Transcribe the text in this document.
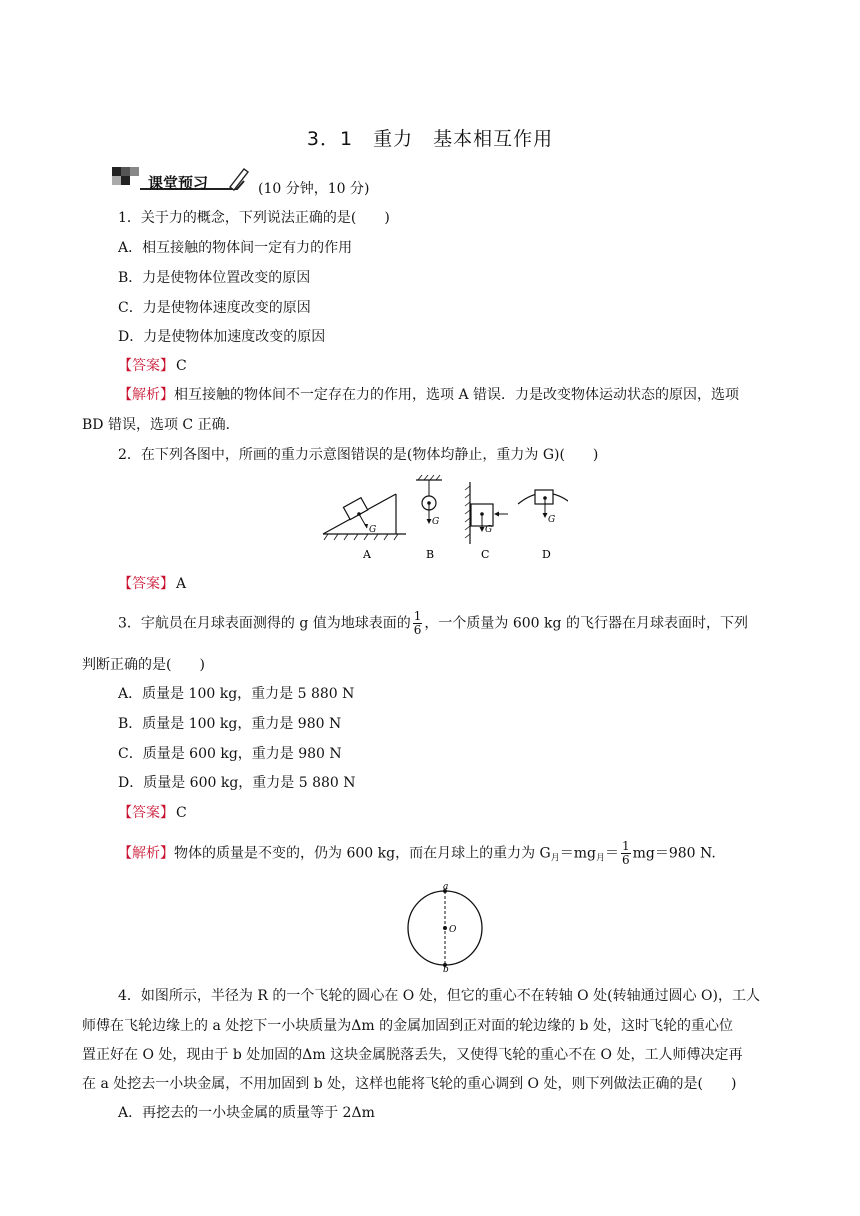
3．1　重力　基本相互作用
课堂预习	(10 分钟，10 分)
1．关于力的概念，下列说法正确的是(　　)
A．相互接触的物体间一定有力的作用
B．力是使物体位置改变的原因
C．力是使物体速度改变的原因
D．力是使物体加速度改变的原因
【答案】 C
【解析】相互接触的物体间不一定存在力的作用，选项 A 错误．力是改变物体运动状态的原因，选项
BD 错误，选项 C 正确．
2．在下列各图中，所画的重力示意图错误的是(物体均静止，重力为 G)(　　)
G
A
G
B
G
C
G
D
【答案】 A
3．宇航员在月球表面测得的 g 值为地球表面的 $\frac{1}{6}$ ，一个质量为 600 kg 的飞行器在月球表面时，下列
判断正确的是(　　)
A．质量是 100 kg，重力是 5 880 N
B．质量是 100 kg，重力是 980 N
C．质量是 600 kg，重力是 980 N
D．质量是 600 kg，重力是 5 880 N
【答案】 C
【解析】物体的质量是不变的，仍为 600 kg，而在月球上的重力为 $G_月=mg_月= \frac{1}{6} mg=980$ N.
a
O
b
4．如图所示，半径为 R 的一个飞轮的圆心在 O 处，但它的重心不在转轴 O 处(转轴通过圆心 O)，工人
师傅在飞轮边缘上的 a 处挖下一小块质量为Δm 的金属加固到正对面的轮边缘的 b 处，这时飞轮的重心位
置正好在 O 处，现由于 b 处加固的Δm 这块金属脱落丢失，又使得飞轮的重心不在 O 处，工人师傅决定再
在 a 处挖去一小块金属，不用加固到 b 处，这样也能将飞轮的重心调到 O 处，则下列做法正确的是(　　)
A．再挖去的一小块金属的质量等于 2Δm
